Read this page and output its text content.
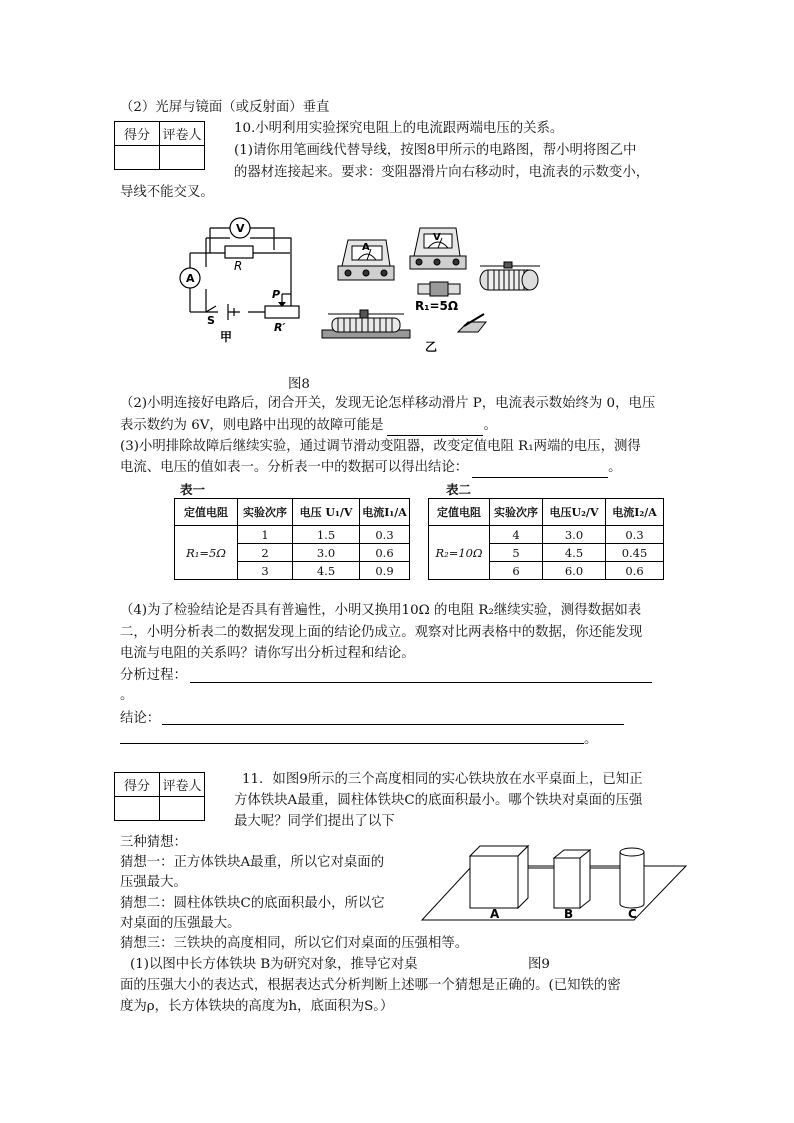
（2）光屏与镜面（或反射面）垂直
得分	评卷人
	10.小明利用实验探究电阻上的电流跟两端电压的关系。
(1)请你用笔画线代替导线，按图8甲所示的电路图，帮小明将图乙中
的器材连接起来。要求：变阻器滑片向右移动时，电流表的示数变小，
导线不能交叉。
V
A
R
P
R′
S
甲
A
V
R₁=5Ω
乙
图8
（2)小明连接好电路后，闭合开关，发现无论怎样移动滑片 P，电流表示数始终为 0，电压
表示数约为 6V，则电路中出现的故障可能是	。
(3)小明排除故障后继续实验，通过调节滑动变阻器，改变定值电阻 R₁两端的电压，测得
电流、电压的值如表一。分析表一中的数据可以得出结论：	。
表一
定值电阻	实验次序	电压 U₁/V	电流I₁/A
R₁=5Ω	1	1.5	0.3
	2	3.0	0.6
	3	4.5	0.9
表二
定值电阻	实验次序	电压U₂/V	电流I₂/A
R₂=10Ω	4	3.0	0.3
	5	4.5	0.45
	6	6.0	0.6
（4)为了检验结论是否具有普遍性，小明又换用10Ω 的电阻 R₂继续实验，测得数据如表
二，小明分析表二的数据发现上面的结论仍成立。观察对比两表格中的数据，你还能发现
电流与电阻的关系吗？请你写出分析过程和结论。
分析过程：
。
结论：
。
得分	评卷人
		11．如图9所示的三个高度相同的实心铁块放在水平桌面上，已知正
方体铁块A最重，圆柱体铁块C的底面积最小。哪个铁块对桌面的压强
最大呢？同学们提出了以下
三种猜想：
猜想一：正方体铁块A最重，所以它对桌面的
压强最大。
猜想二：圆柱体铁块C的底面积最小，所以它
对桌面的压强最大。
猜想三：三铁块的高度相同，所以它们对桌面的压强相等。
A	B	C
(1)以图中长方体铁块 B为研究对象，推导它对桌	图9
面的压强大小的表达式，根据表达式分析判断上述哪一个猜想是正确的。(已知铁的密
度为ρ，长方体铁块的高度为h，底面积为S。）
